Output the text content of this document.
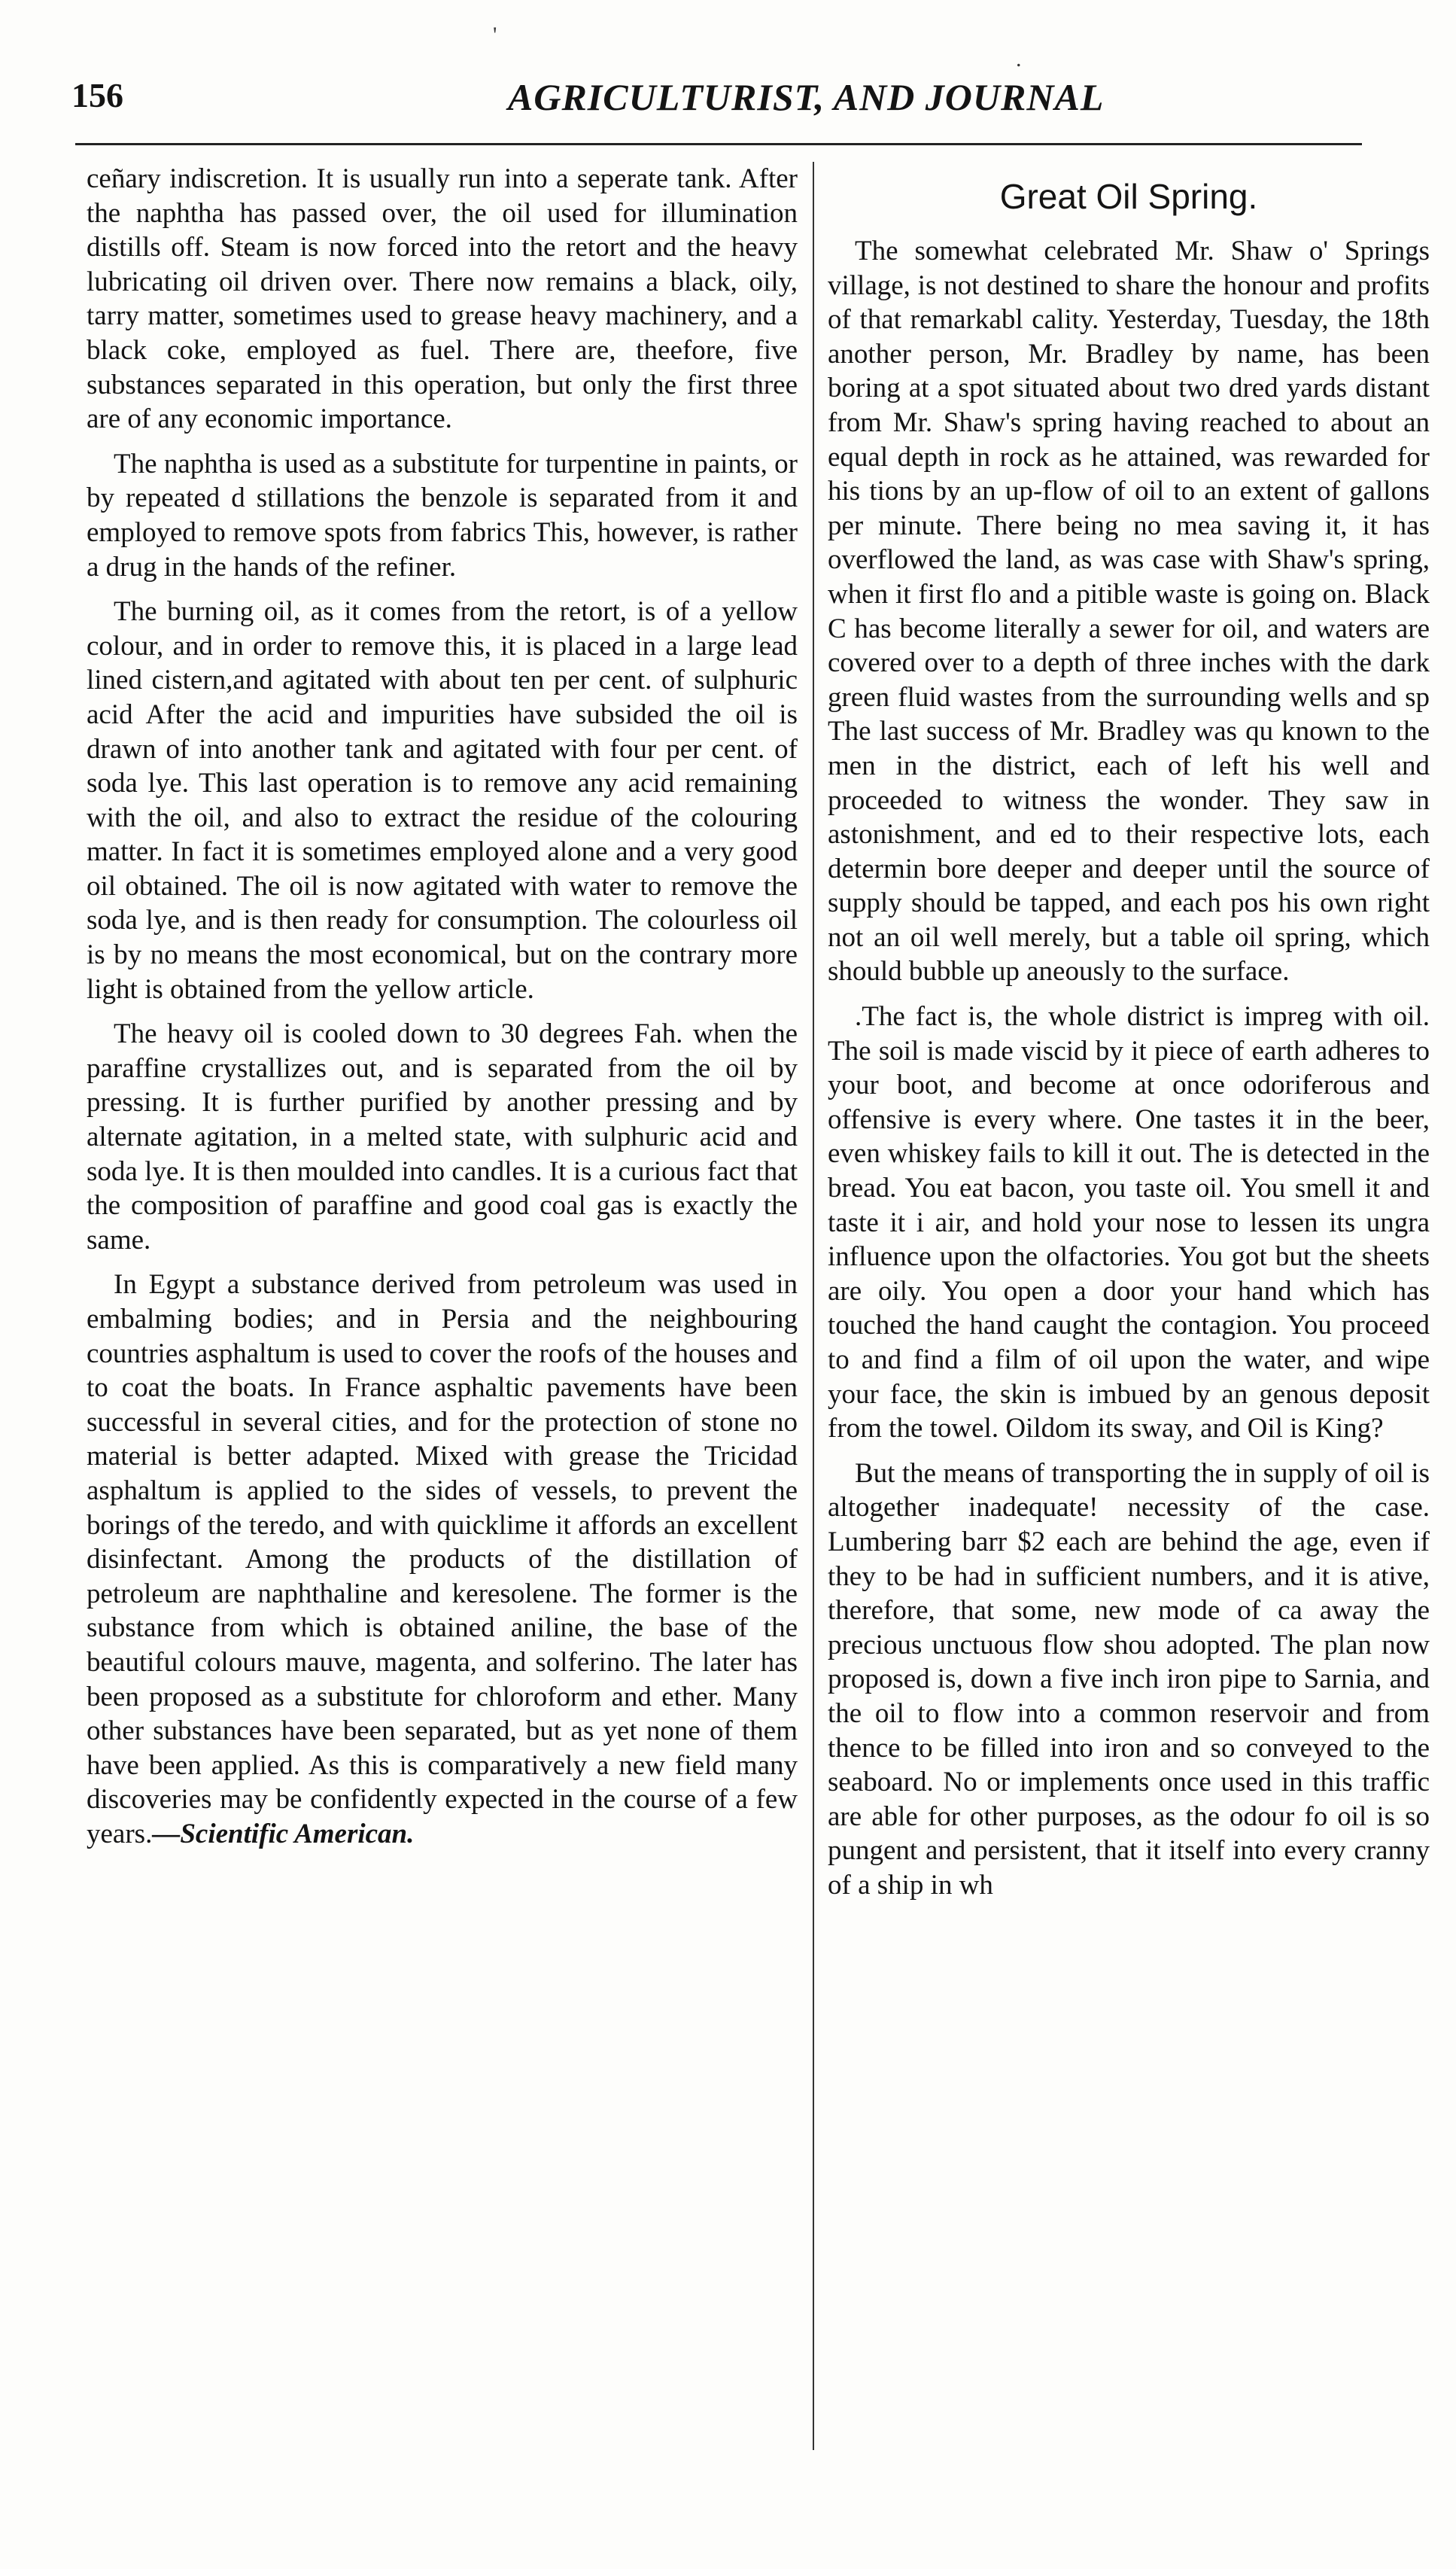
'
.
156	AGRICULTURIST, AND JOURNAL

ceñary indiscretion. It is usually run into a seperate tank. After the naphtha has passed over, the oil used for illumination distills off. Steam is now forced into the retort and the heavy lubricating oil driven over. There now remains a black, oily, tarry matter, sometimes used to grease heavy machinery, and a black coke, employed as fuel. There are, theefore, five substances separated in this operation, but only the first three are of any economic importance.

The naphtha is used as a substitute for turpentine in paints, or by repeated d stillations the benzole is separated from it and employed to remove spots from fabrics This, however, is rather a drug in the hands of the refiner.

The burning oil, as it comes from the retort, is of a yellow colour, and in order to remove this, it is placed in a large lead lined cistern,and agitated with about ten per cent. of sulphuric acid After the acid and impurities have subsided the oil is drawn of into another tank and agitated with four per cent. of soda lye. This last operation is to remove any acid remaining with the oil, and also to extract the residue of the colouring matter. In fact it is sometimes employed alone and a very good oil obtained. The oil is now agitated with water to remove the soda lye, and is then ready for consumption. The colourless oil is by no means the most economical, but on the contrary more light is obtained from the yellow article.

The heavy oil is cooled down to 30 degrees Fah. when the paraffine crystallizes out, and is separated from the oil by pressing. It is further purified by another pressing and by alternate agitation, in a melted state, with sulphuric acid and soda lye. It is then moulded into candles. It is a curious fact that the composition of paraffine and good coal gas is exactly the same.

In Egypt a substance derived from petroleum was used in embalming bodies; and in Persia and the neighbouring countries asphaltum is used to cover the roofs of the houses and to coat the boats. In France asphaltic pavements have been successful in several cities, and for the protection of stone no material is better adapted. Mixed with grease the Tricidad asphaltum is applied to the sides of vessels, to prevent the borings of the teredo, and with quicklime it affords an excellent disinfectant. Among the products of the distillation of petroleum are naphthaline and keresolene. The former is the substance from which is obtained aniline, the base of the beautiful colours mauve, magenta, and solferino. The later has been proposed as a substitute for chloroform and ether. Many other substances have been separated, but as yet none of them have been applied. As this is comparatively a new field many discoveries may be confidently expected in the course of a few years.—Scientific American.

Great Oil Spring.

The somewhat celebrated Mr. Shaw o' Springs village, is not destined to share the honour and profits of that remarkabl cality. Yesterday, Tuesday, the 18th another person, Mr. Bradley by name, has been boring at a spot situated about two dred yards distant from Mr. Shaw's spring having reached to about an equal depth in rock as he attained, was rewarded for his tions by an up-flow of oil to an extent of gallons per minute. There being no mea saving it, it has overflowed the land, as was case with Shaw's spring, when it first flo and a pitible waste is going on. Black C has become literally a sewer for oil, and waters are covered over to a depth of three inches with the dark green fluid wastes from the surrounding wells and sp The last success of Mr. Bradley was qu known to the men in the district, each of left his well and proceeded to witness the wonder. They saw in astonishment, and ed to their respective lots, each determin bore deeper and deeper until the source of supply should be tapped, and each pos his own right not an oil well merely, but a table oil spring, which should bubble up aneously to the surface.

.The fact is, the whole district is impreg with oil. The soil is made viscid by it piece of earth adheres to your boot, and become at once odoriferous and offensive is every where. One tastes it in the beer, even whiskey fails to kill it out. The is detected in the bread. You eat bacon, you taste oil. You smell it and taste it i air, and hold your nose to lessen its ungra influence upon the olfactories. You got but the sheets are oily. You open a door your hand which has touched the hand caught the contagion. You proceed to and find a film of oil upon the water, and wipe your face, the skin is imbued by an genous deposit from the towel. Oildom its sway, and Oil is King?

But the means of transporting the in supply of oil is altogether inadequate! necessity of the case. Lumbering barr $2 each are behind the age, even if they to be had in sufficient numbers, and it is ative, therefore, that some, new mode of ca away the precious unctuous flow shou adopted. The plan now proposed is, down a five inch iron pipe to Sarnia, and the oil to flow into a common reservoir and from thence to be filled into iron and so conveyed to the seaboard. No or implements once used in this traffic are able for other purposes, as the odour fo oil is so pungent and persistent, that it itself into every cranny of a ship in wh
